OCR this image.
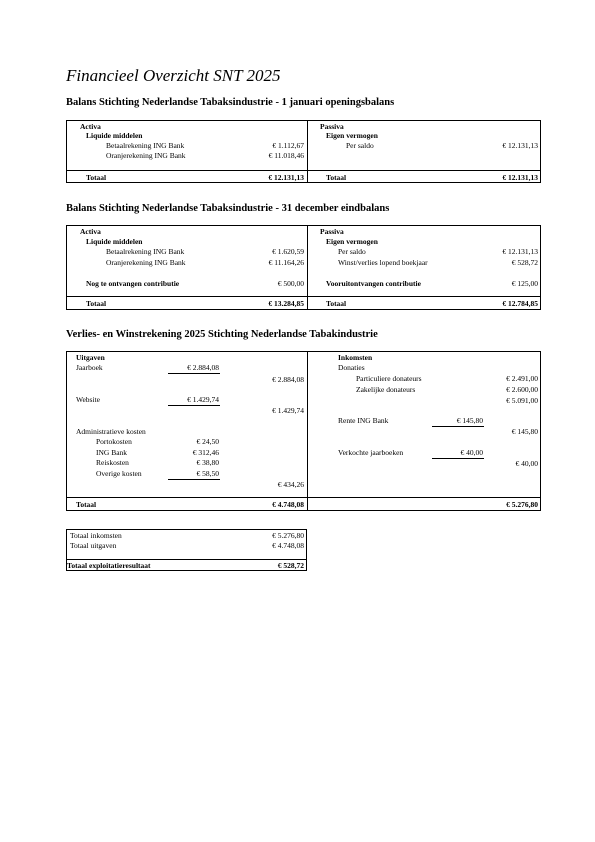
Financieel Overzicht SNT 2025
Balans Stichting Nederlandse Tabaksindustrie - 1 januari openingsbalans
Activa
Liquide middelen
Betaalrekening ING Bank	€ 1.112,67
Oranjerekening ING Bank	€ 11.018,46
Passiva
Eigen vermogen
Per saldo	€ 12.131,13
Totaal	€ 12.131,13	Totaal	€ 12.131,13
Balans Stichting Nederlandse Tabaksindustrie - 31 december eindbalans
Activa
Liquide middelen
Betaalrekening ING Bank	€ 1.620,59
Oranjerekening ING Bank	€ 11.164,26
Nog te ontvangen contributie	€ 500,00
Passiva
Eigen vermogen
Per saldo	€ 12.131,13
Winst/verlies lopend boekjaar	€ 528,72
Vooruitontvangen contributie	€ 125,00
Totaal	€ 13.284,85	Totaal	€ 12.784,85
Verlies- en Winstrekening 2025 Stichting Nederlandse Tabakindustrie
Uitgaven
Jaarboek	€ 2.884,08
€ 2.884,08
Website	€ 1.429,74
€ 1.429,74
Administratieve kosten
Portokosten	€ 24,50
ING Bank	€ 312,46
Reiskosten	€ 38,80
Overige kosten	€ 58,50
€ 434,26
Inkomsten
Donaties
Particuliere donateurs	€ 2.491,00
Zakelijke donateurs	€ 2.600,00
€ 5.091,00
Rente ING Bank	€ 145,80
€ 145,80
Verkochte jaarboeken	€ 40,00
€ 40,00
Totaal	€ 4.748,08	€ 5.276,80
Totaal inkomsten	€ 5.276,80
Totaal uitgaven	€ 4.748,08
Totaal exploitatieresultaat	€ 528,72
